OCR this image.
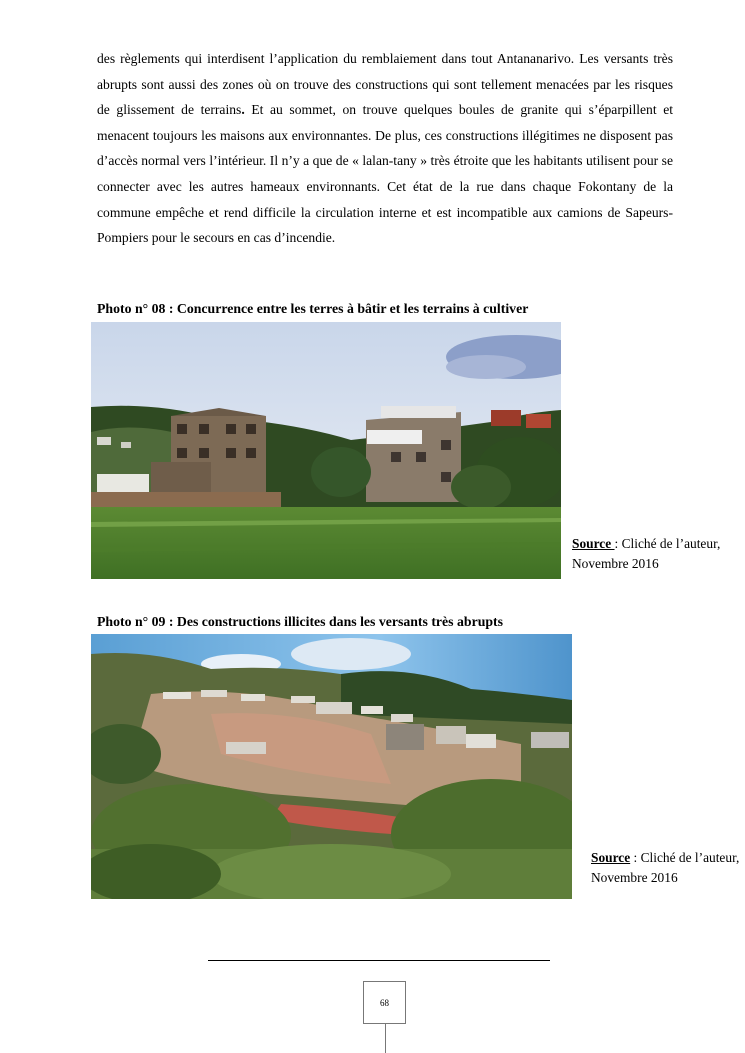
des règlements qui interdisent l’application du remblaiement dans tout Antananarivo. Les versants très abrupts sont aussi des zones où on trouve des constructions qui sont tellement menacées par les risques de glissement de terrains. Et au sommet, on trouve quelques boules de granite qui s’éparpillent et menacent toujours les maisons aux environnantes. De plus, ces constructions illégitimes ne disposent pas d’accès normal vers l’intérieur. Il n’y a que de « lalan-tany » très étroite que les habitants utilisent pour se connecter avec les autres hameaux environnants. Cet état de la rue dans chaque Fokontany de la commune empêche et rend difficile la circulation interne et est incompatible aux camions de Sapeurs-Pompiers pour le secours en cas d’incendie.
Photo n° 08 : Concurrence entre les terres à bâtir et les terrains à cultiver
Source : Cliché de l’auteur, Novembre 2016
Photo n° 09 : Des constructions illicites dans les versants très abrupts
Source : Cliché de l’auteur, Novembre 2016
68
